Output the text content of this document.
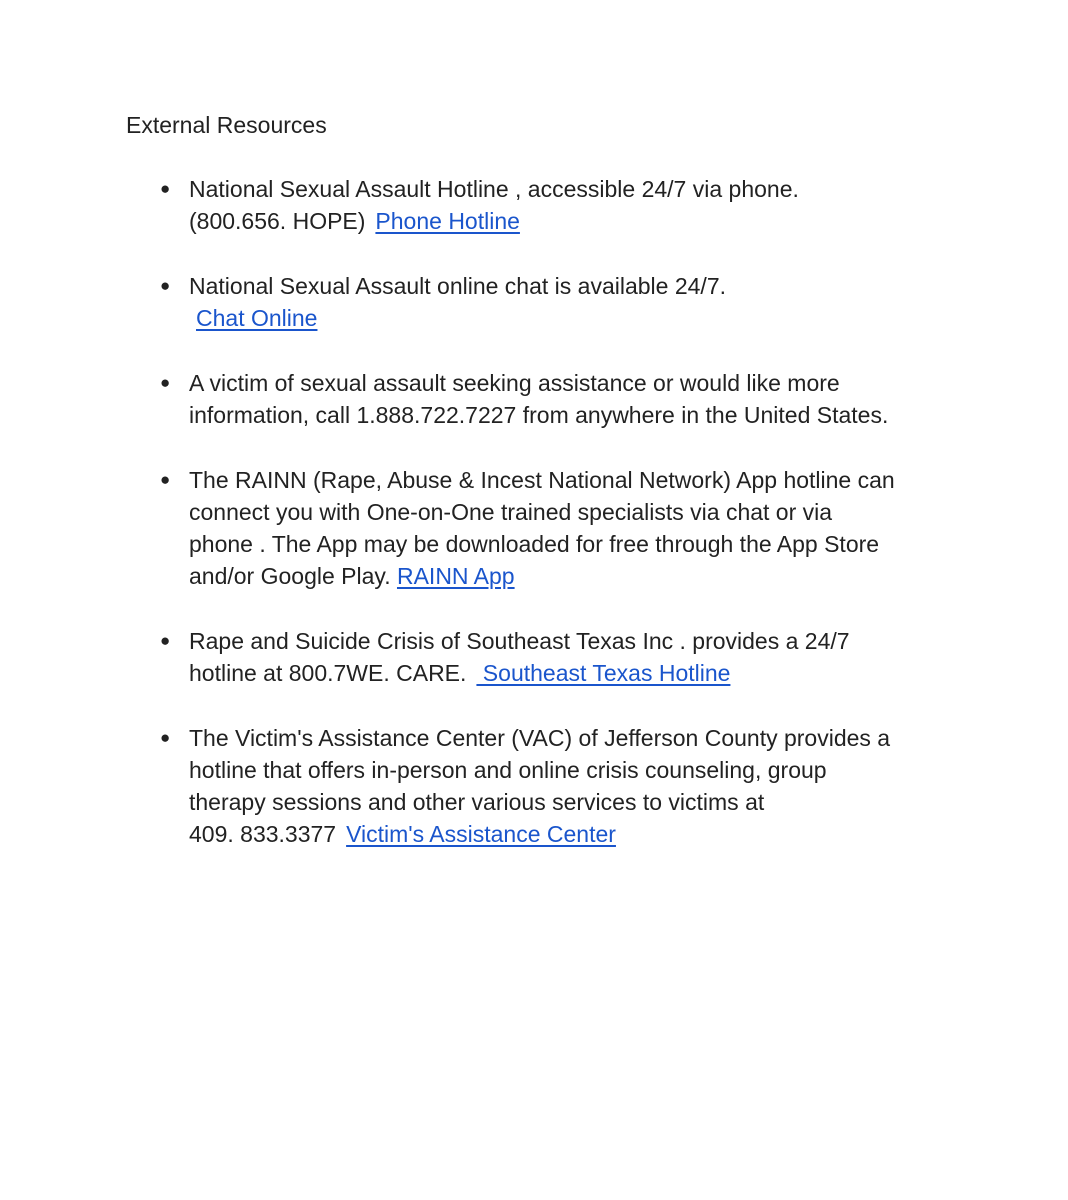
External Resources
● National Sexual Assault Hotline , accessible 24/7 via phone.
(800.656. HOPE) Phone Hotline
● National Sexual Assault online chat is available 24/7.
Chat Online
● A victim of sexual assault seeking assistance or would like more
information, call 1.888.722.7227 from anywhere in the United States.
● The RAINN (Rape, Abuse & Incest National Network) App hotline can
connect you with One-on-One trained specialists via chat or via
phone . The App may be downloaded for free through the App Store
and/or Google Play. RAINN App
● Rape and Suicide Crisis of Southeast Texas Inc . provides a 24/7
hotline at 800.7WE. CARE. Southeast Texas Hotline
● The Victim's Assistance Center (VAC) of Jefferson County provides a
hotline that offers in-person and online crisis counseling, group
therapy sessions and other various services to victims at
409. 833.3377 Victim's Assistance Center
